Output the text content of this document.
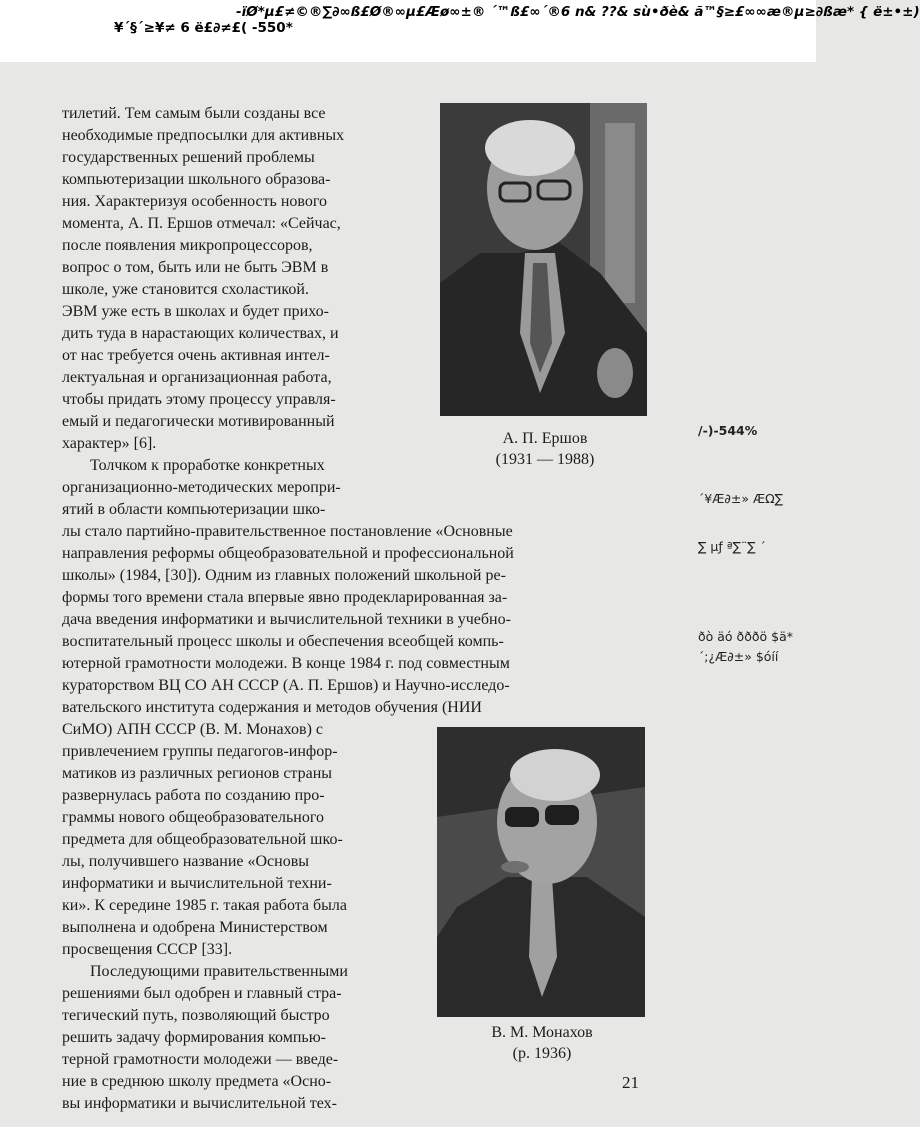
-ïØ*µ£≠©®∑∂∞ß£Ø®∞µ£Æø∞±® ´™ß£∞´®6 n& ??& sù•ðè& ã™§≥£∞∞æ®µ≥∂ßæ* { ë±•±)
¥´§´≥¥≠ 6 ë£∂≠£( -550*
/-)-544%
´¥Æ∂±» ÆΩ∑
∑ µƒ ª∑¨∑ ´
ðò äó ðððö $ä*
´;¿Æ∂±» $óíí
тилетий. Тем самым были созданы все
необходимые предпосылки для активных
государственных решений проблемы
компьютеризации школьного образова-
ния. Характеризуя особенность нового
момента, А. П. Ершов отмечал: «Сейчас,
после появления микропроцессоров,
вопрос о том, быть или не быть ЭВМ в
школе, уже становится схоластикой.
ЭВМ уже есть в школах и будет прихо-
дить туда в нарастающих количествах, и
от нас требуется очень активная интел-
лектуальная и организационная работа,
чтобы придать этому процессу управля-
емый и педагогически мотивированный
характер» [6].
Толчком к проработке конкретных
организационно-методических меропри-
ятий в области компьютеризации шко-
лы стало партийно-правительственное постановление «Основные
направления реформы общеобразовательной и профессиональной
школы» (1984, [30]). Одним из главных положений школьной ре-
формы того времени стала впервые явно продекларированная за-
дача введения информатики и вычислительной техники в учебно-
воспитательный процесс школы и обеспечения всеобщей компь-
ютерной грамотности молодежи. В конце 1984 г. под совместным
кураторством ВЦ СО АН СССР (А. П. Ершов) и Научно-исследо-
вательского института содержания и методов обучения (НИИ
СиМО) АПН СССР (В. М. Монахов) с
привлечением группы педагогов-инфор-
матиков из различных регионов страны
развернулась работа по созданию про-
граммы нового общеобразовательного
предмета для общеобразовательной шко-
лы, получившего название «Основы
информатики и вычислительной техни-
ки». К середине 1985 г. такая работа была
выполнена и одобрена Министерством
просвещения СССР [33].
Последующими правительственными
решениями был одобрен и главный стра-
тегический путь, позволяющий быстро
решить задачу формирования компью-
терной грамотности молодежи — введе-
ние в среднюю школу предмета «Осно-
вы информатики и вычислительной тех-
А. П. Ершов
(1931 — 1988)
В. М. Монахов
(р. 1936)
21
